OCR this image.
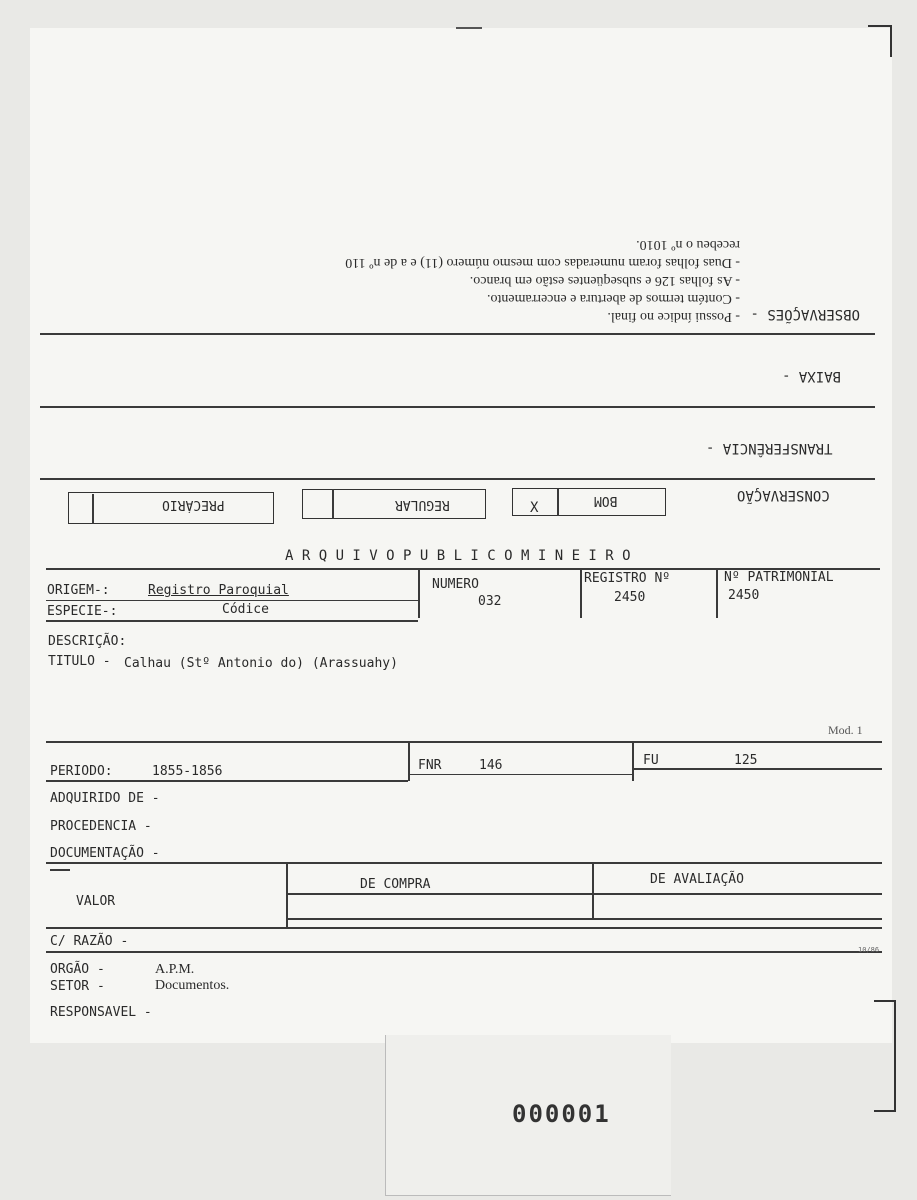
OBSERVAÇÕES -
- Possui índice no final.
- Contém termos de abertura e encerramento.
- As folhas 126 e subseqüentes estão em branco.
- Duas folhas foram numeradas com mesmo número (11) e a de nº 110
recebeu o nº 1010.
BAIXA -
TRANSFERÊNCIA -
CONSERVAÇÃO
BOM
X
REGULAR
PRECÁRIO
A R Q U I V O P U B L I C O M I N E I R O
ORIGEM-:	Registro Paroquial
ESPECIE-:	Códice
NUMERO
032
REGISTRO Nº
2450
Nº PATRIMONIAL
2450
DESCRIÇÃO:
TITULO - Calhau (Stº Antonio do) (Arassuahy)
Mod. 1
PERIODO:	1855-1856	FNR	146	FU	125
ADQUIRIDO DE -
PROCEDENCIA -
DOCUMENTAÇÃO -
VALOR
DE COMPRA	DE AVALIAÇÃO
C/ RAZÃO -
10/86
ORGÃO -	A.P.M.
SETOR -	Documentos.
RESPONSAVEL -
000001
